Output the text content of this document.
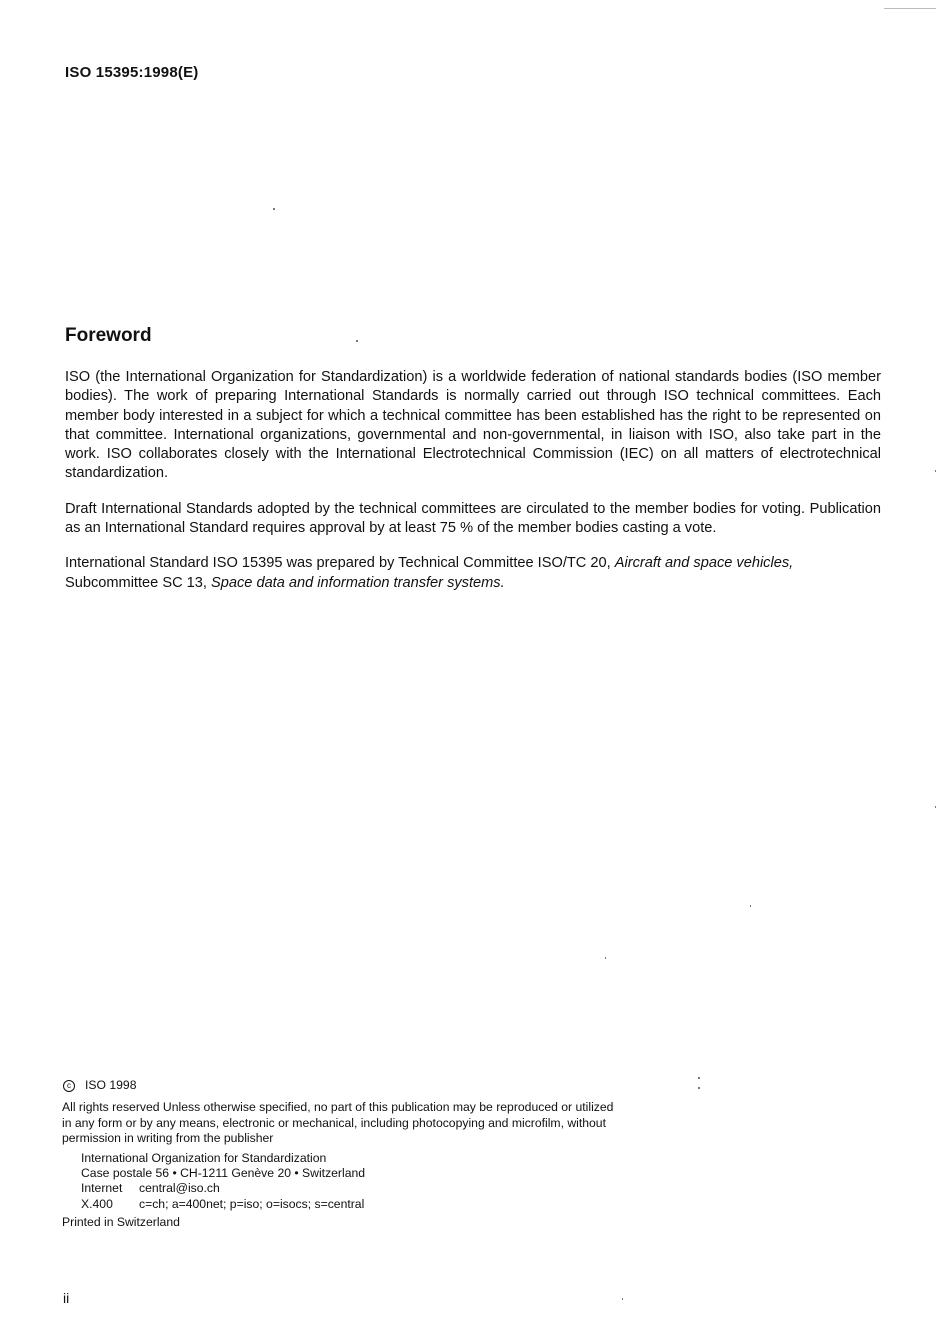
ISO 15395:1998(E)
Foreword

ISO (the International Organization for Standardization) is a worldwide federation of national standards bodies (ISO member bodies). The work of preparing International Standards is normally carried out through ISO technical committees. Each member body interested in a subject for which a technical committee has been established has the right to be represented on that committee. International organizations, governmental and non-governmental, in liaison with ISO, also take part in the work. ISO collaborates closely with the International Electrotechnical Commission (IEC) on all matters of electrotechnical standardization.

Draft International Standards adopted by the technical committees are circulated to the member bodies for voting. Publication as an International Standard requires approval by at least 75 % of the member bodies casting a vote.

International Standard ISO 15395 was prepared by Technical Committee ISO/TC 20, Aircraft and space vehicles, Subcommittee SC 13, Space data and information transfer systems.

c	ISO 1998
All rights reserved Unless otherwise specified, no part of this publication may be reproduced or utilized in any form or by any means, electronic or mechanical, including photocopying and microfilm, without permission in writing from the publisher
International Organization for Standardization
Case postale 56 • CH-1211 Genève 20 • Switzerland
Internet	central@iso.ch
X.400	c=ch; a=400net; p=iso; o=isocs; s=central
Printed in Switzerland
ii
